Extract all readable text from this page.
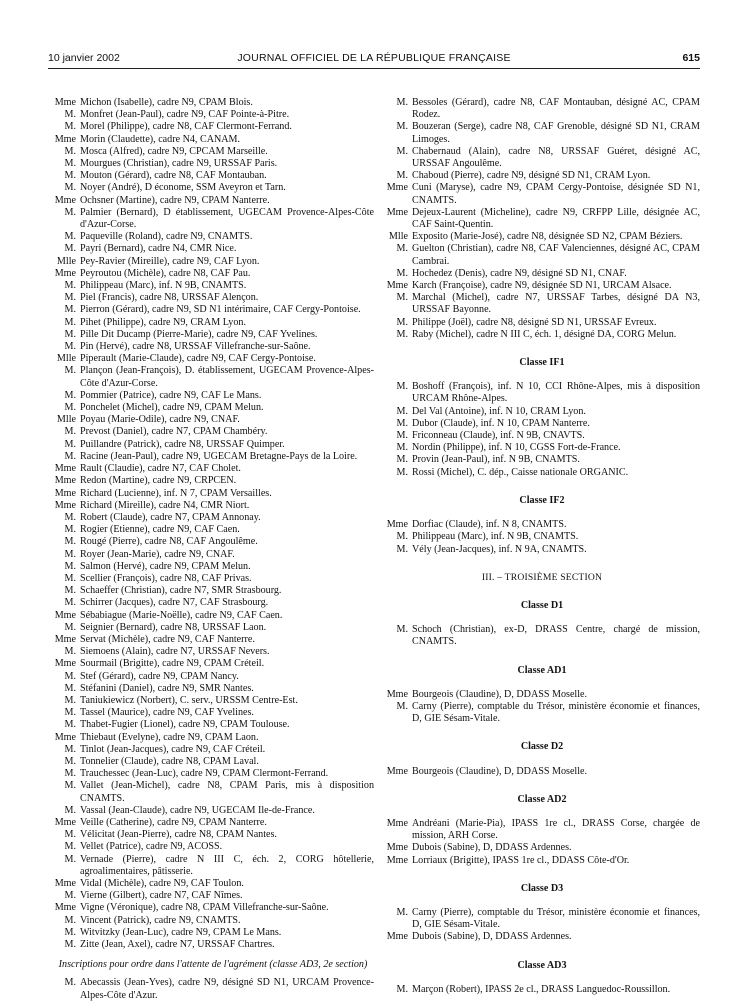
10 janvier 2002	JOURNAL OFFICIEL DE LA RÉPUBLIQUE FRANÇAISE	615
Mme Michon (Isabelle), cadre N9, CPAM Blois.
M. Monfret (Jean-Paul), cadre N9, CAF Pointe-à-Pitre.
M. Morel (Philippe), cadre N8, CAF Clermont-Ferrand.
Mme Morin (Claudette), cadre N4, CANAM.
M. Mosca (Alfred), cadre N9, CPCAM Marseille.
M. Mourgues (Christian), cadre N9, URSSAF Paris.
M. Mouton (Gérard), cadre N8, CAF Montauban.
M. Noyer (André), D économe, SSM Aveyron et Tarn.
Mme Ochsner (Martine), cadre N9, CPAM Nanterre.
M. Palmier (Bernard), D établissement, UGECAM Provence-Alpes-Côte d'Azur-Corse.
M. Paqueville (Roland), cadre N9, CNAMTS.
M. Payri (Bernard), cadre N4, CMR Nice.
Mlle Pey-Ravier (Mireille), cadre N9, CAF Lyon.
Mme Peyroutou (Michèle), cadre N8, CAF Pau.
M. Philippeau (Marc), inf. N 9B, CNAMTS.
M. Piel (Francis), cadre N8, URSSAF Alençon.
M. Pierron (Gérard), cadre N9, SD N1 intérimaire, CAF Cergy-Pontoise.
M. Pihet (Philippe), cadre N9, CRAM Lyon.
M. Pille Dit Ducamp (Pierre-Marie), cadre N9, CAF Yvelines.
M. Pin (Hervé), cadre N8, URSSAF Villefranche-sur-Saône.
Mlle Piperault (Marie-Claude), cadre N9, CAF Cergy-Pontoise.
M. Plançon (Jean-François), D. établissement, UGECAM Provence-Alpes-Côte d'Azur-Corse.
M. Pommier (Patrice), cadre N9, CAF Le Mans.
M. Ponchelet (Michel), cadre N9, CPAM Melun.
Mlle Poyau (Marie-Odile), cadre N9, CNAF.
M. Prevost (Daniel), cadre N7, CPAM Chambéry.
M. Puillandre (Patrick), cadre N8, URSSAF Quimper.
M. Racine (Jean-Paul), cadre N9, UGECAM Bretagne-Pays de la Loire.
Mme Rault (Claudie), cadre N7, CAF Cholet.
Mme Redon (Martine), cadre N9, CRPCEN.
Mme Richard (Lucienne), inf. N 7, CPAM Versailles.
Mme Richard (Mireille), cadre N4, CMR Niort.
M. Robert (Claude), cadre N7, CPAM Annonay.
M. Rogier (Etienne), cadre N9, CAF Caen.
M. Rougé (Pierre), cadre N8, CAF Angoulême.
M. Royer (Jean-Marie), cadre N9, CNAF.
M. Salmon (Hervé), cadre N9, CPAM Melun.
M. Scellier (François), cadre N8, CAF Privas.
M. Schaeffer (Christian), cadre N7, SMR Strasbourg.
M. Schirrer (Jacques), cadre N7, CAF Strasbourg.
Mme Sébabiague (Marie-Noëlle), cadre N9, CAF Caen.
M. Seignier (Bernard), cadre N8, URSSAF Laon.
Mme Servat (Michèle), cadre N9, CAF Nanterre.
M. Siemoens (Alain), cadre N7, URSSAF Nevers.
Mme Sourmail (Brigitte), cadre N9, CPAM Créteil.
M. Stef (Gérard), cadre N9, CPAM Nancy.
M. Stéfanini (Daniel), cadre N9, SMR Nantes.
M. Taniukiewicz (Norbert), C. serv., URSSM Centre-Est.
M. Tassel (Maurice), cadre N9, CAF Yvelines.
M. Thabet-Fugier (Lionel), cadre N9, CPAM Toulouse.
Mme Thiebaut (Evelyne), cadre N9, CPAM Laon.
M. Tinlot (Jean-Jacques), cadre N9, CAF Créteil.
M. Tonnelier (Claude), cadre N8, CPAM Laval.
M. Trauchessec (Jean-Luc), cadre N9, CPAM Clermont-Ferrand.
M. Vallet (Jean-Michel), cadre N8, CPAM Paris, mis à disposition CNAMTS.
M. Vassal (Jean-Claude), cadre N9, UGECAM Ile-de-France.
Mme Veille (Catherine), cadre N9, CPAM Nanterre.
M. Vélicitat (Jean-Pierre), cadre N8, CPAM Nantes.
M. Vellet (Patrice), cadre N9, ACOSS.
M. Vernade (Pierre), cadre N III C, éch. 2, CORG hôtellerie, agroalimentaires, pâtisserie.
Mme Vidal (Michèle), cadre N9, CAF Toulon.
M. Vierne (Gilbert), cadre N7, CAF Nîmes.
Mme Vigne (Véronique), cadre N8, CPAM Villefranche-sur-Saône.
M. Vincent (Patrick), cadre N9, CNAMTS.
M. Witvitzky (Jean-Luc), cadre N9, CPAM Le Mans.
M. Zitte (Jean, Axel), cadre N7, URSSAF Chartres.
Inscriptions pour ordre dans l'attente de l'agrément (classe AD3, 2e section)
M. Abecassis (Jean-Yves), cadre N9, désigné SD N1, URCAM Provence-Alpes-Côte d'Azur.
M. Bessoles (Gérard), cadre N8, CAF Montauban, désigné AC, CPAM Rodez.
M. Bouzeran (Serge), cadre N8, CAF Grenoble, désigné SD N1, CRAM Limoges.
M. Chabernaud (Alain), cadre N8, URSSAF Guéret, désigné AC, URSSAF Angoulême.
M. Chaboud (Pierre), cadre N9, désigné SD N1, CRAM Lyon.
Mme Cuni (Maryse), cadre N9, CPAM Cergy-Pontoise, désignée SD N1, CNAMTS.
Mme Dejeux-Laurent (Micheline), cadre N9, CRFPP Lille, désignée AC, CAF Saint-Quentin.
Mlle Exposito (Marie-José), cadre N8, désignée SD N2, CPAM Béziers.
M. Guelton (Christian), cadre N8, CAF Valenciennes, désigné AC, CPAM Cambrai.
M. Hochedez (Denis), cadre N9, désigné SD N1, CNAF.
Mme Karch (Françoise), cadre N9, désignée SD N1, URCAM Alsace.
M. Marchal (Michel), cadre N7, URSSAF Tarbes, désigné DA N3, URSSAF Bayonne.
M. Philippe (Joël), cadre N8, désigné SD N1, URSSAF Evreux.
M. Raby (Michel), cadre N III C, éch. 1, désigné DA, CORG Melun.
Classe IF1
M. Boshoff (François), inf. N 10, CCI Rhône-Alpes, mis à disposition URCAM Rhône-Alpes.
M. Del Val (Antoine), inf. N 10, CRAM Lyon.
M. Dubor (Claude), inf. N 10, CPAM Nanterre.
M. Friconneau (Claude), inf. N 9B, CNAVTS.
M. Nordin (Philippe), inf. N 10, CGSS Fort-de-France.
M. Provin (Jean-Paul), inf. N 9B, CNAMTS.
M. Rossi (Michel), C. dép., Caisse nationale ORGANIC.
Classe IF2
Mme Dorfiac (Claude), inf. N 8, CNAMTS.
M. Philippeau (Marc), inf. N 9B, CNAMTS.
M. Vély (Jean-Jacques), inf. N 9A, CNAMTS.
III. – TROISIÈME SECTION
Classe D1
M. Schoch (Christian), ex-D, DRASS Centre, chargé de mission, CNAMTS.
Classe AD1
Mme Bourgeois (Claudine), D, DDASS Moselle.
M. Carny (Pierre), comptable du Trésor, ministère économie et finances, D, GIE Sésam-Vitale.
Classe D2
Mme Bourgeois (Claudine), D, DDASS Moselle.
Classe AD2
Mme Andréani (Marie-Pia), IPASS 1re cl., DRASS Corse, chargée de mission, ARH Corse.
Mme Dubois (Sabine), D, DDASS Ardennes.
Mme Lorriaux (Brigitte), IPASS 1re cl., DDASS Côte-d'Or.
Classe D3
M. Carny (Pierre), comptable du Trésor, ministère économie et finances, D, GIE Sésam-Vitale.
Mme Dubois (Sabine), D, DDASS Ardennes.
Classe AD3
M. Marçon (Robert), IPASS 2e cl., DRASS Languedoc-Roussillon.
